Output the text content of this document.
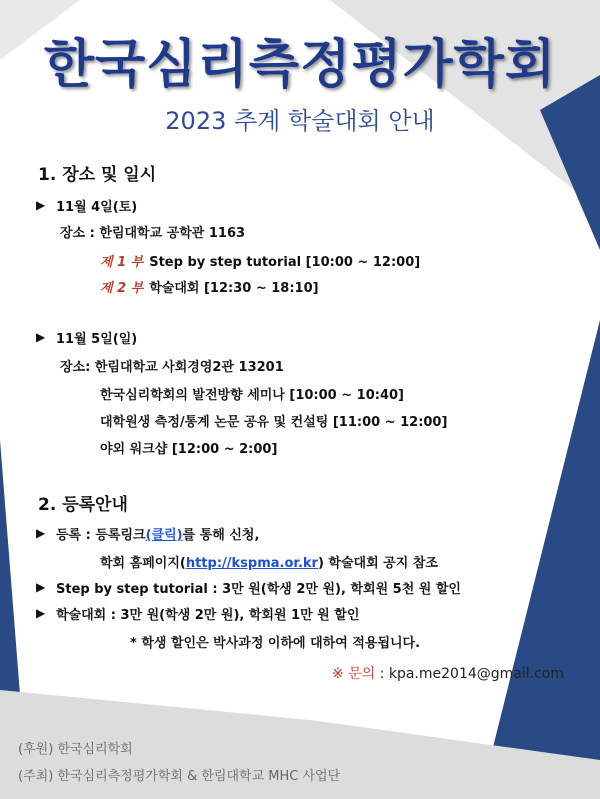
한국심리측정평가학회
2023 추계 학술대회 안내
1. 장소 및 일시
▶ 11월 4일(토)
장소 : 한림대학교 공학관 1163
제 1 부 Step by step tutorial [10:00 ~ 12:00]
제 2 부 학술대회 [12:30 ~ 18:10]
▶ 11월 5일(일)
장소: 한림대학교 사회경영2관 13201
한국심리학회의 발전방향 세미나 [10:00 ~ 10:40]
대학원생 측정/통계 논문 공유 및 컨설팅 [11:00 ~ 12:00]
야외 워크샵 [12:00 ~ 2:00]
2. 등록안내
▶ 등록 : 등록링크(클릭)를 통해 신청,
학회 홈페이지(http://kspma.or.kr) 학술대회 공지 참조
▶ Step by step tutorial : 3만 원(학생 2만 원), 학회원 5천 원 할인
▶ 학술대회 : 3만 원(학생 2만 원), 학회원 1만 원 할인
* 학생 할인은 박사과정 이하에 대하여 적용됩니다.
※ 문의 : kpa.me2014@gmail.com
(후원) 한국심리학회
(주최) 한국심리측정평가학회 & 한림대학교 MHC 사업단
